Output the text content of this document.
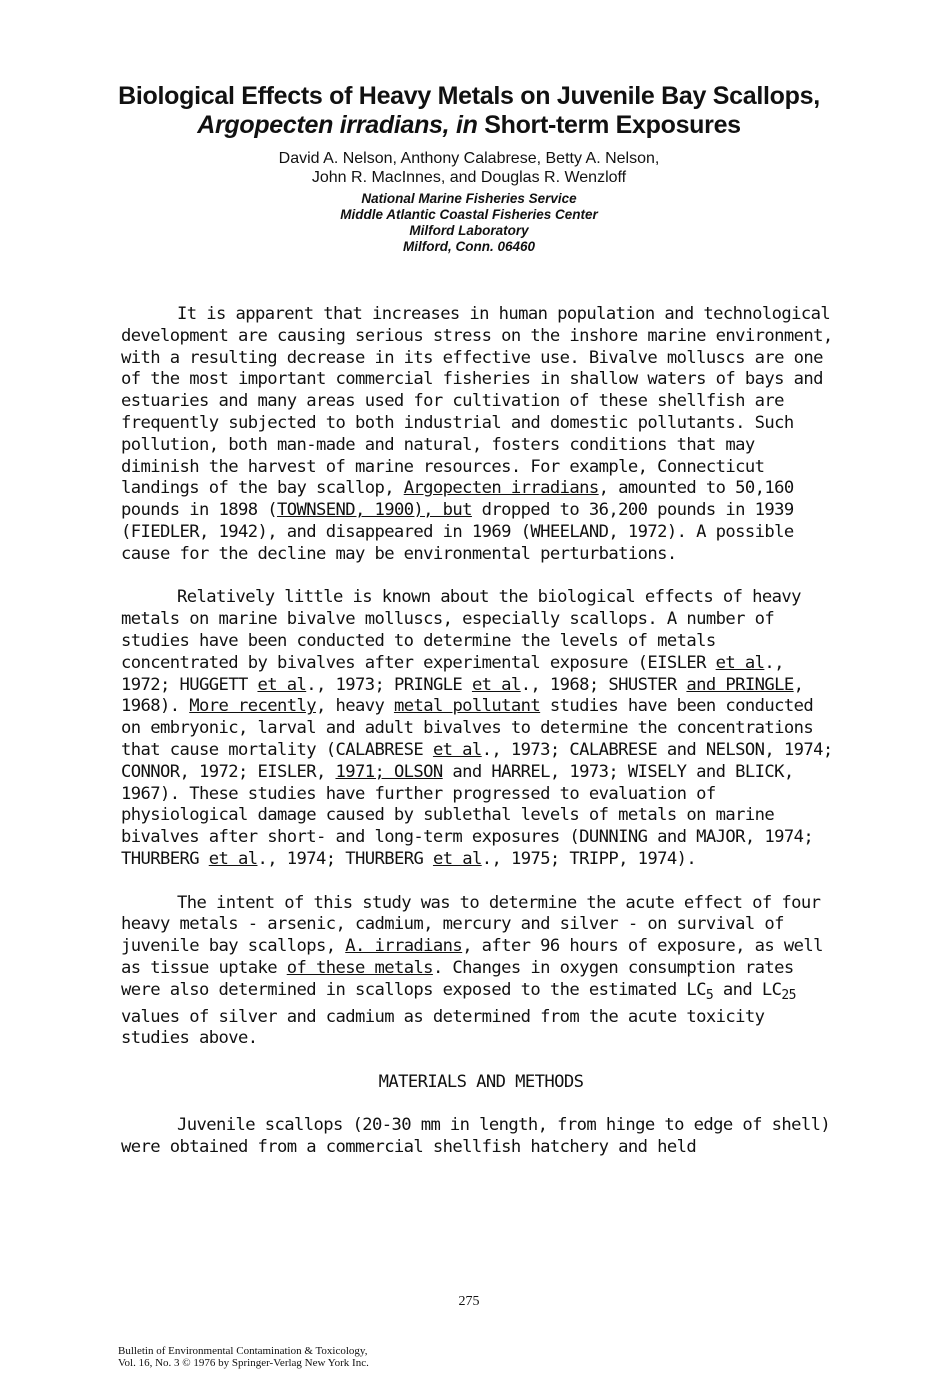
Biological Effects of Heavy Metals on Juvenile Bay Scallops,
Argopecten irradians, in Short-term Exposures
David A. Nelson, Anthony Calabrese, Betty A. Nelson,
John R. MacInnes, and Douglas R. Wenzloff
National Marine Fisheries Service
Middle Atlantic Coastal Fisheries Center
Milford Laboratory
Milford, Conn. 06460

It is apparent that increases in human population and technological development are causing serious stress on the inshore marine environment, with a resulting decrease in its effective use. Bivalve molluscs are one of the most important commercial fisheries in shallow waters of bays and estuaries and many areas used for cultivation of these shellfish are frequently subjected to both industrial and domestic pollutants. Such pollution, both man-made and natural, fosters conditions that may diminish the harvest of marine resources. For example, Connecticut landings of the bay scallop, Argopecten irradians, amounted to 50,160 pounds in 1898 (TOWNSEND, 1900), but dropped to 36,200 pounds in 1939 (FIEDLER, 1942), and disappeared in 1969 (WHEELAND, 1972). A possible cause for the decline may be environmental perturbations.

Relatively little is known about the biological effects of heavy metals on marine bivalve molluscs, especially scallops. A number of studies have been conducted to determine the levels of metals concentrated by bivalves after experimental exposure (EISLER et al., 1972; HUGGETT et al., 1973; PRINGLE et al., 1968; SHUSTER and PRINGLE, 1968). More recently, heavy metal pollutant studies have been conducted on embryonic, larval and adult bivalves to determine the concentrations that cause mortality (CALABRESE et al., 1973; CALABRESE and NELSON, 1974; CONNOR, 1972; EISLER, 1971; OLSON and HARREL, 1973; WISELY and BLICK, 1967). These studies have further progressed to evaluation of physiological damage caused by sublethal levels of metals on marine bivalves after short- and long-term exposures (DUNNING and MAJOR, 1974; THURBERG et al., 1974; THURBERG et al., 1975; TRIPP, 1974).

The intent of this study was to determine the acute effect of four heavy metals - arsenic, cadmium, mercury and silver - on survival of juvenile bay scallops, A. irradians, after 96 hours of exposure, as well as tissue uptake of these metals. Changes in oxygen consumption rates were also determined in scallops exposed to the estimated $LC_5$ and $LC_{25}$ values of silver and cadmium as determined from the acute toxicity studies above.

MATERIALS AND METHODS

Juvenile scallops (20-30 mm in length, from hinge to edge of shell) were obtained from a commercial shellfish hatchery and held

275
Bulletin of Environmental Contamination & Toxicology,
Vol. 16, No. 3 © 1976 by Springer-Verlag New York Inc.
